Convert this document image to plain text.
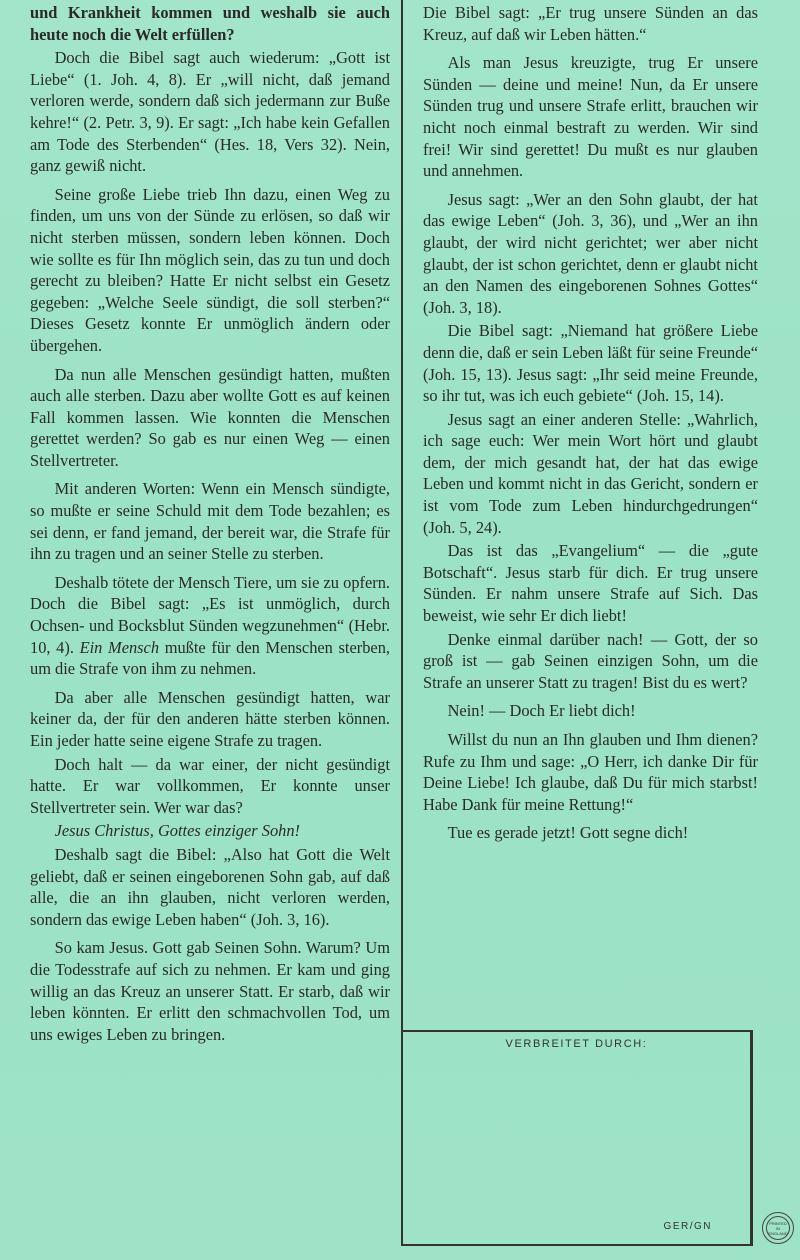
und Krankheit kommen und weshalb sie auch heute noch die Welt erfüllen?

Doch die Bibel sagt auch wiederum: „Gott ist Liebe“ (1. Joh. 4, 8). Er „will nicht, daß jemand verloren werde, sondern daß sich jedermann zur Buße kehre!“ (2. Petr. 3, 9). Er sagt: „Ich habe kein Gefallen am Tode des Sterbenden“ (Hes. 18, Vers 32). Nein, ganz gewiß nicht.

Seine große Liebe trieb Ihn dazu, einen Weg zu finden, um uns von der Sünde zu erlösen, so daß wir nicht sterben müssen, sondern leben können. Doch wie sollte es für Ihn möglich sein, das zu tun und doch gerecht zu bleiben? Hatte Er nicht selbst ein Gesetz gegeben: „Welche Seele sündigt, die soll sterben?“ Dieses Gesetz konnte Er unmöglich ändern oder übergehen.

Da nun alle Menschen gesündigt hatten, mußten auch alle sterben. Dazu aber wollte Gott es auf keinen Fall kommen lassen. Wie konnten die Menschen gerettet werden? So gab es nur einen Weg — einen Stellvertreter.

Mit anderen Worten: Wenn ein Mensch sündigte, so mußte er seine Schuld mit dem Tode bezahlen; es sei denn, er fand jemand, der bereit war, die Strafe für ihn zu tragen und an seiner Stelle zu sterben.

Deshalb tötete der Mensch Tiere, um sie zu opfern. Doch die Bibel sagt: „Es ist unmöglich, durch Ochsen- und Bocksblut Sünden wegzunehmen“ (Hebr. 10, 4). Ein Mensch mußte für den Menschen sterben, um die Strafe von ihm zu nehmen.

Da aber alle Menschen gesündigt hatten, war keiner da, der für den anderen hätte sterben können. Ein jeder hatte seine eigene Strafe zu tragen.

Doch halt — da war einer, der nicht gesündigt hatte. Er war vollkommen, Er konnte unser Stellvertreter sein. Wer war das?

Jesus Christus, Gottes einziger Sohn!

Deshalb sagt die Bibel: „Also hat Gott die Welt geliebt, daß er seinen eingeborenen Sohn gab, auf daß alle, die an ihn glauben, nicht verloren werden, sondern das ewige Leben haben“ (Joh. 3, 16).

So kam Jesus. Gott gab Seinen Sohn. Warum? Um die Todesstrafe auf sich zu nehmen. Er kam und ging willig an das Kreuz an unserer Statt. Er starb, daß wir leben könnten. Er erlitt den schmachvollen Tod, um uns ewiges Leben zu bringen.

Die Bibel sagt: „Er trug unsere Sünden an das Kreuz, auf daß wir Leben hätten.“

Als man Jesus kreuzigte, trug Er unsere Sünden — deine und meine! Nun, da Er unsere Sünden trug und unsere Strafe erlitt, brauchen wir nicht noch einmal bestraft zu werden. Wir sind frei! Wir sind gerettet! Du mußt es nur glauben und annehmen.

Jesus sagt: „Wer an den Sohn glaubt, der hat das ewige Leben“ (Joh. 3, 36), und „Wer an ihn glaubt, der wird nicht gerichtet; wer aber nicht glaubt, der ist schon gerichtet, denn er glaubt nicht an den Namen des eingeborenen Sohnes Gottes“ (Joh. 3, 18).

Die Bibel sagt: „Niemand hat größere Liebe denn die, daß er sein Leben läßt für seine Freunde“ (Joh. 15, 13). Jesus sagt: „Ihr seid meine Freunde, so ihr tut, was ich euch gebiete“ (Joh. 15, 14).

Jesus sagt an einer anderen Stelle: „Wahrlich, ich sage euch: Wer mein Wort hört und glaubt dem, der mich gesandt hat, der hat das ewige Leben und kommt nicht in das Gericht, sondern er ist vom Tode zum Leben hindurchgedrungen“ (Joh. 5, 24).

Das ist das „Evangelium“ — die „gute Botschaft“. Jesus starb für dich. Er trug unsere Sünden. Er nahm unsere Strafe auf Sich. Das beweist, wie sehr Er dich liebt!

Denke einmal darüber nach! — Gott, der so groß ist — gab Seinen einzigen Sohn, um die Strafe an unserer Statt zu tragen! Bist du es wert?

Nein! — Doch Er liebt dich!

Willst du nun an Ihn glauben und Ihm dienen? Rufe zu Ihm und sage: „O Herr, ich danke Dir für Deine Liebe! Ich glaube, daß Du für mich starbst! Habe Dank für meine Rettung!“

Tue es gerade jetzt! Gott segne dich!

VERBREITET DURCH:
GER/GN	PRINTED
IN
ENGLAND
